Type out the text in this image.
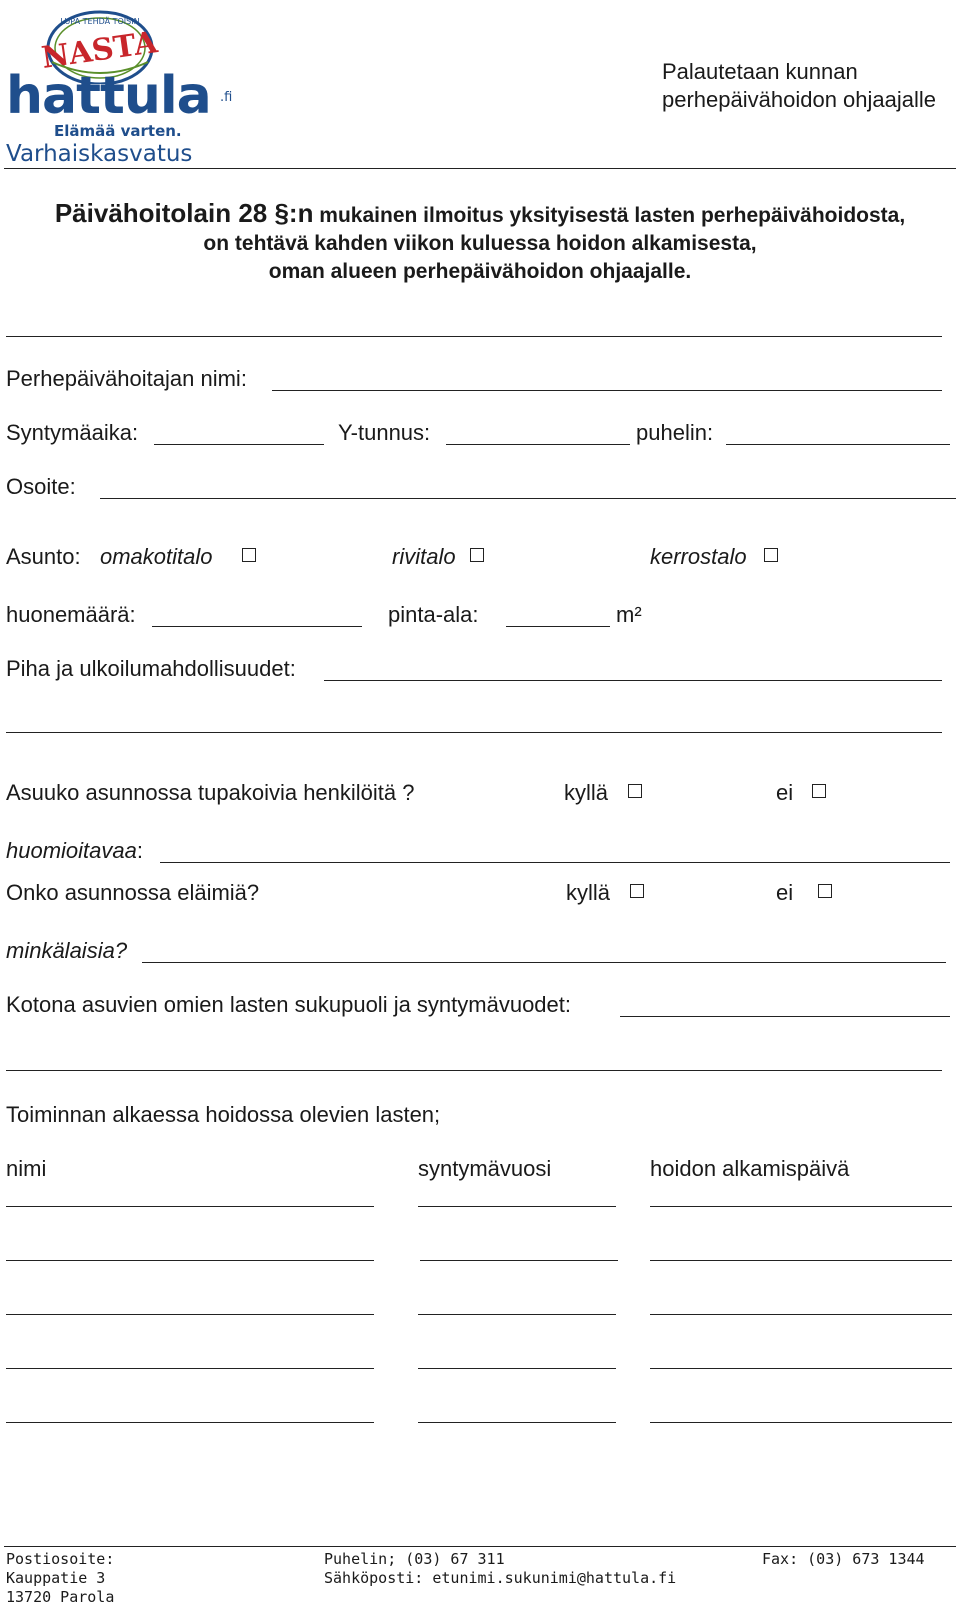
LUPA TEHDÄ TOISIN
NASTA
hattula .fi
Elämää varten.
Varhaiskasvatus
Palautetaan kunnan
perhepäivähoidon ohjaajalle
Päivähoitolain 28 §:n mukainen ilmoitus yksityisestä lasten perhepäivähoidosta,
on tehtävä kahden viikon kuluessa hoidon alkamisesta,
oman alueen perhepäivähoidon ohjaajalle.
Perhepäivähoitajan nimi:
Syntymäaika:	Y-tunnus:	puhelin:
Osoite:
Asunto: omakotitalo	rivitalo	kerrostalo
huonemäärä:	pinta-ala:	m²
Piha ja ulkoilumahdollisuudet:
Asuuko asunnossa tupakoivia henkilöitä ?	kyllä	ei
huomioitavaa:
Onko asunnossa eläimiä?	kyllä	ei
minkälaisia?
Kotona asuvien omien lasten sukupuoli ja syntymävuodet:
Toiminnan alkaessa hoidossa olevien lasten;
nimi	syntymävuosi	hoidon alkamispäivä
Postiosoite:
Kauppatie 3
13720 Parola
Puhelin; (03) 67 311
Sähköposti: etunimi.sukunimi@hattula.fi
Fax: (03) 673 1344
